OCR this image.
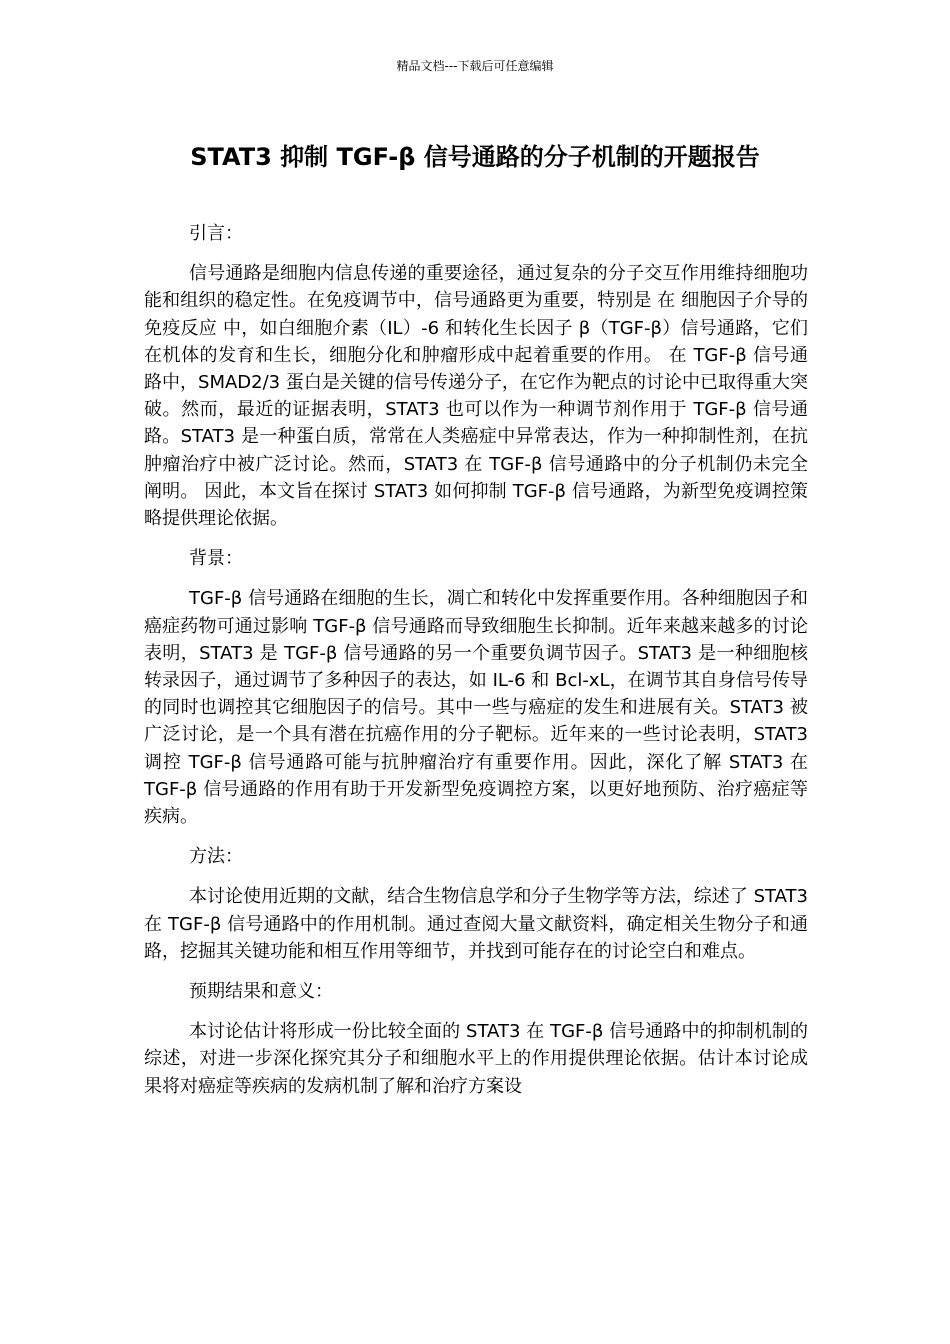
精品文档---下载后可任意编辑
STAT3 抑制 TGF-β 信号通路的分子机制的开题报告

引言：

信号通路是细胞内信息传递的重要途径，通过复杂的分子交互作用维持细胞功能和组织的稳定性。在免疫调节中，信号通路更为重要，特别是 在 细胞因子介导的免疫反应 中，如白细胞介素（IL）-6 和转化生长因子 β（TGF-β）信号通路，它们在机体的发育和生长，细胞分化和肿瘤形成中起着重要的作用。 在 TGF-β 信号通路中，SMAD2/3 蛋白是关键的信号传递分子，在它作为靶点的讨论中已取得重大突破。然而，最近的证据表明，STAT3 也可以作为一种调节剂作用于 TGF-β 信号通路。STAT3 是一种蛋白质，常常在人类癌症中异常表达，作为一种抑制性剂，在抗肿瘤治疗中被广泛讨论。然而，STAT3 在 TGF-β 信号通路中的分子机制仍未完全阐明。 因此，本文旨在探讨 STAT3 如何抑制 TGF-β 信号通路，为新型免疫调控策略提供理论依据。

背景：

TGF-β 信号通路在细胞的生长，凋亡和转化中发挥重要作用。各种细胞因子和癌症药物可通过影响 TGF-β 信号通路而导致细胞生长抑制。近年来越来越多的讨论表明，STAT3 是 TGF-β 信号通路的另一个重要负调节因子。STAT3 是一种细胞核转录因子，通过调节了多种因子的表达，如 IL-6 和 Bcl-xL，在调节其自身信号传导的同时也调控其它细胞因子的信号。其中一些与癌症的发生和进展有关。STAT3 被广泛讨论，是一个具有潜在抗癌作用的分子靶标。近年来的一些讨论表明，STAT3 调控 TGF-β 信号通路可能与抗肿瘤治疗有重要作用。因此，深化了解 STAT3 在 TGF-β 信号通路的作用有助于开发新型免疫调控方案，以更好地预防、治疗癌症等疾病。

方法：

本讨论使用近期的文献，结合生物信息学和分子生物学等方法，综述了 STAT3 在 TGF-β 信号通路中的作用机制。通过查阅大量文献资料，确定相关生物分子和通路，挖掘其关键功能和相互作用等细节，并找到可能存在的讨论空白和难点。

预期结果和意义：

本讨论估计将形成一份比较全面的 STAT3 在 TGF-β 信号通路中的抑制机制的综述，对进一步深化探究其分子和细胞水平上的作用提供理论依据。估计本讨论成果将对癌症等疾病的发病机制了解和治疗方案设
